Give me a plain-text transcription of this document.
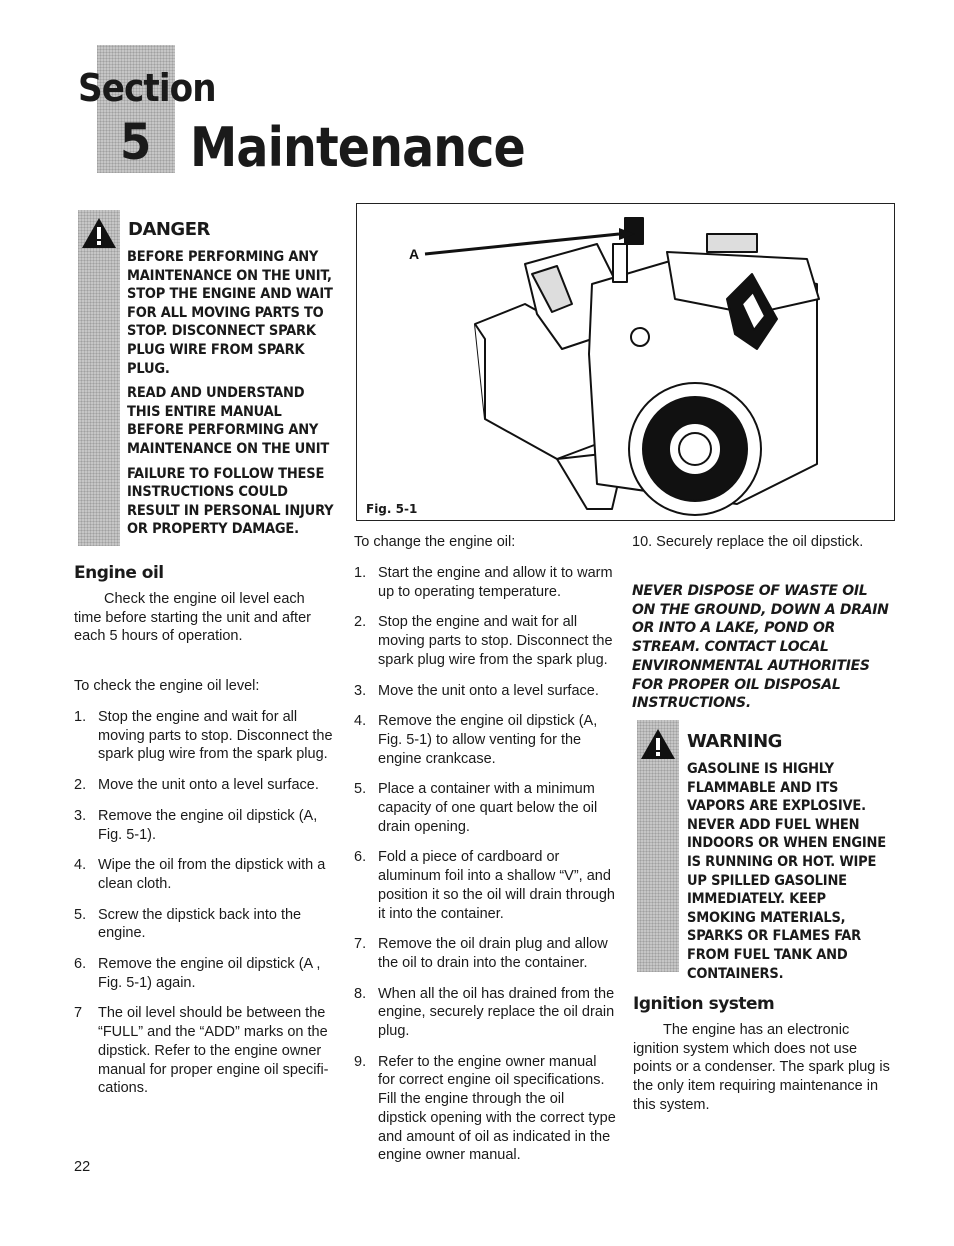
Section
5 Maintenance
DANGER

BEFORE PERFORMING ANY MAINTENANCE ON THE UNIT, STOP THE ENGINE AND WAIT FOR ALL MOVING PARTS TO STOP. DISCONNECT SPARK PLUG WIRE FROM SPARK PLUG.

READ AND UNDERSTAND THIS ENTIRE MANUAL BEFORE PERFORMING ANY MAINTENANCE ON THE UNIT

FAILURE TO FOLLOW THESE INSTRUCTIONS COULD RESULT IN PERSONAL INJURY OR PROPERTY DAMAGE.

Engine oil

Check the engine oil level each time before starting the unit and after each 5 hours of operation.

To check the engine oil level:
1. Stop the engine and wait for all moving parts to stop. Disconnect the spark plug wire from the spark plug.
2. Move the unit onto a level surface.
3. Remove the engine oil dipstick (A, Fig. 5-1).
4. Wipe the oil from the dipstick with a clean cloth.
5. Screw the dipstick back into the engine.
6. Remove the engine oil dipstick (A , Fig. 5-1) again.
7 The oil level should be between the “FULL” and the “ADD” marks on the dipstick. Refer to the engine owner manual for proper engine oil specifi-cations.
22
A
Fig. 5-1
To change the engine oil:
1. Start the engine and allow it to warm up to operating temperature.
2. Stop the engine and wait for all moving parts to stop. Disconnect the spark plug wire from the spark plug.
3. Move the unit onto a level surface.
4. Remove the engine oil dipstick (A, Fig. 5-1) to allow venting for the engine crankcase.
5. Place a container with a minimum capacity of one quart below the oil drain opening.
6. Fold a piece of cardboard or aluminum foil into a shallow “V”, and position it so the oil will drain through it into the container.
7. Remove the oil drain plug and allow the oil to drain into the container.
8. When all the oil has drained from the engine, securely replace the oil drain plug.
9. Refer to the engine owner manual for correct engine oil specifications. Fill the engine through the oil dipstick opening with the correct type and amount of oil as indicated in the engine owner manual.
10. Securely replace the oil dipstick.
NEVER DISPOSE OF WASTE OIL ON THE GROUND, DOWN A DRAIN OR INTO A LAKE, POND OR STREAM. CONTACT LOCAL ENVIRONMENTAL AUTHORITIES FOR PROPER OIL DISPOSAL INSTRUCTIONS.
WARNING

GASOLINE IS HIGHLY FLAMMABLE AND ITS VAPORS ARE EXPLOSIVE. NEVER ADD FUEL WHEN INDOORS OR WHEN ENGINE IS RUNNING OR HOT. WIPE UP SPILLED GASOLINE IMMEDIATELY. KEEP SMOKING MATERIALS, SPARKS OR FLAMES FAR FROM FUEL TANK AND CONTAINERS.

Ignition system

The engine has an electronic ignition system which does not use points or a condenser. The spark plug is the only item requiring maintenance in this system.
